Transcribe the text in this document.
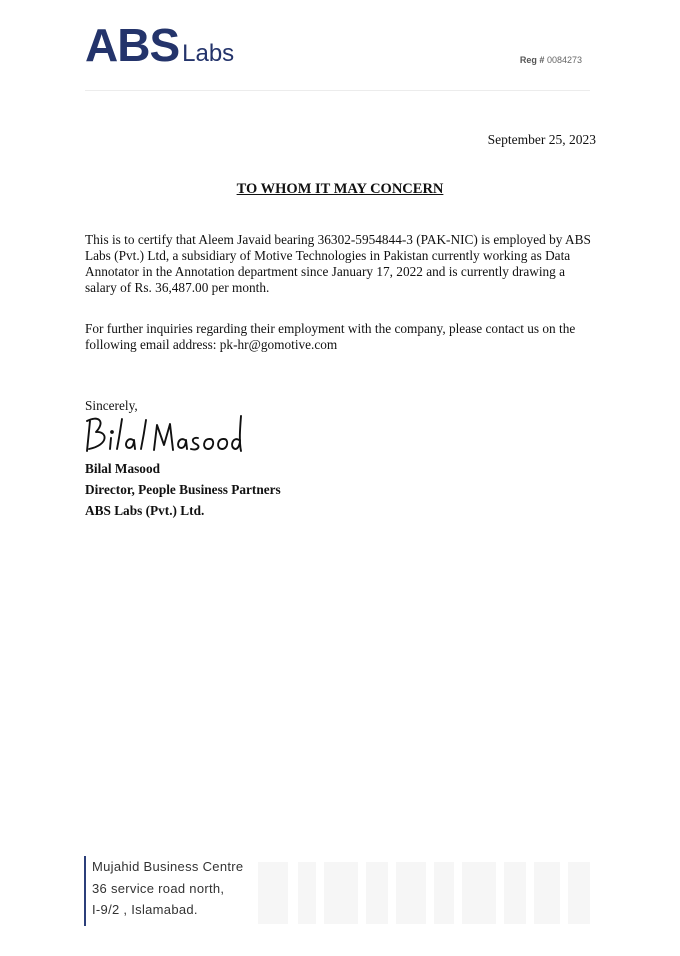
ABS Labs	Reg # 0084273
September 25, 2023
TO WHOM IT MAY CONCERN
This is to certify that Aleem Javaid bearing 36302-5954844-3 (PAK-NIC) is employed by ABS Labs (Pvt.) Ltd, a subsidiary of Motive Technologies in Pakistan currently working as Data Annotator in the Annotation department since January 17, 2022 and is currently drawing a salary of Rs. 36,487.00 per month.
For further inquiries regarding their employment with the company, please contact us on the following email address: pk-hr@gomotive.com
Sincerely,
Bilal Masood
Director, People Business Partners
ABS Labs (Pvt.) Ltd.
Mujahid Business Centre
36 service road north,
I-9/2 , Islamabad.
